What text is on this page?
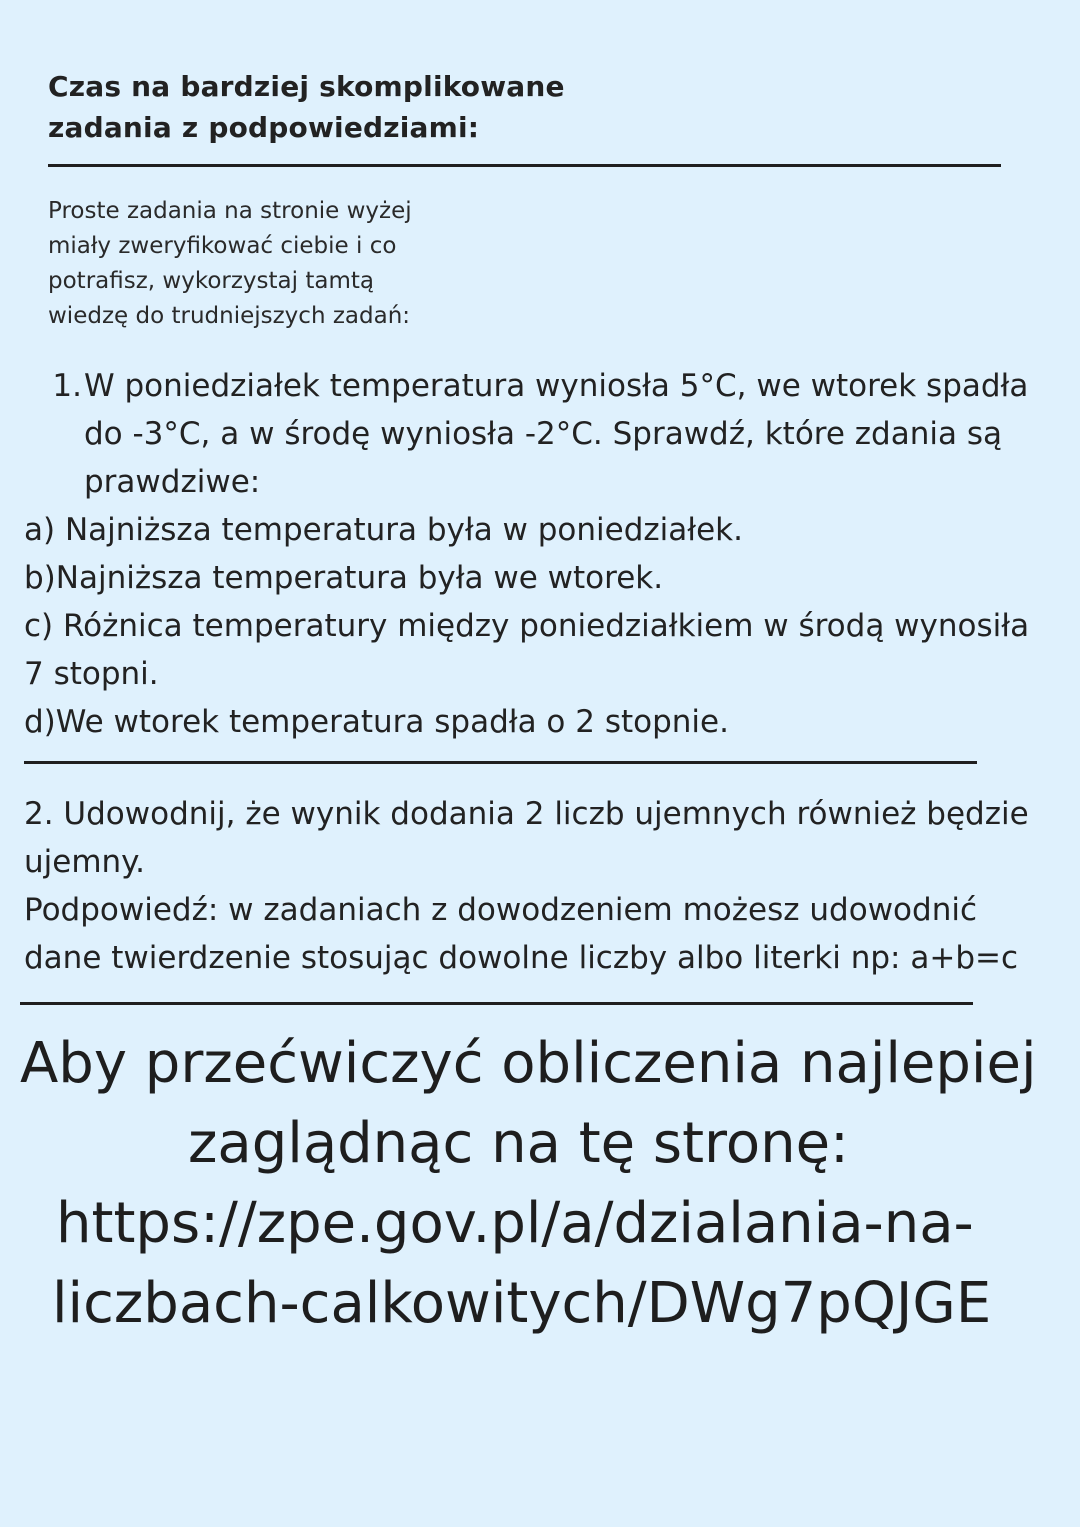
Czas na bardziej skomplikowane
zadania z podpowiedziami:
Proste zadania na stronie wyżej
miały zweryfikować ciebie i co
potrafisz, wykorzystaj tamtą
wiedzę do trudniejszych zadań:
1. W poniedziałek temperatura wyniosła 5°C, we wtorek spadła
do -3°C, a w środę wyniosła -2°C. Sprawdź, które zdania są
prawdziwe:
a) Najniższa temperatura była w poniedziałek.
b)Najniższa temperatura była we wtorek.
c) Różnica temperatury między poniedziałkiem w środą wynosiła
7 stopni.
d)We wtorek temperatura spadła o 2 stopnie.
2. Udowodnij, że wynik dodania 2 liczb ujemnych również będzie
ujemny.
Podpowiedź: w zadaniach z dowodzeniem możesz udowodnić
dane twierdzenie stosując dowolne liczby albo literki np: a+b=c
Aby przećwiczyć obliczenia najlepiej
zaglądnąc na tę stronę:
https://zpe.gov.pl/a/dzialania-na-
liczbach-calkowitych/DWg7pQJGE
